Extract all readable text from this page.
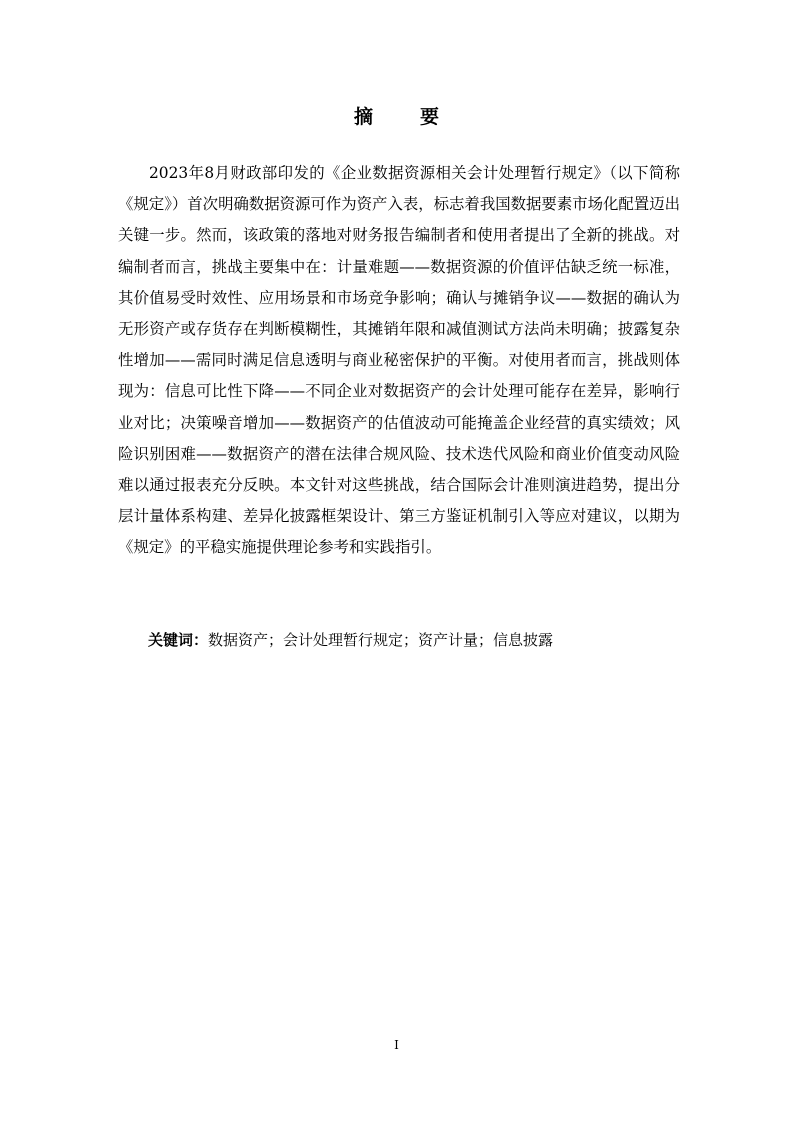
摘　要

2023年8月财政部印发的《企业数据资源相关会计处理暂行规定》（以下简称《规定》）首次明确数据资源可作为资产入表，标志着我国数据要素市场化配置迈出关键一步。然而，该政策的落地对财务报告编制者和使用者提出了全新的挑战。对编制者而言，挑战主要集中在：计量难题——数据资源的价值评估缺乏统一标准，其价值易受时效性、应用场景和市场竞争影响；确认与摊销争议——数据的确认为无形资产或存货存在判断模糊性，其摊销年限和减值测试方法尚未明确；披露复杂性增加——需同时满足信息透明与商业秘密保护的平衡。对使用者而言，挑战则体现为：信息可比性下降——不同企业对数据资产的会计处理可能存在差异，影响行业对比；决策噪音增加——数据资产的估值波动可能掩盖企业经营的真实绩效；风险识别困难——数据资产的潜在法律合规风险、技术迭代风险和商业价值变动风险难以通过报表充分反映。本文针对这些挑战，结合国际会计准则演进趋势，提出分层计量体系构建、差异化披露框架设计、第三方鉴证机制引入等应对建议，以期为《规定》的平稳实施提供理论参考和实践指引。

关键词：数据资产；会计处理暂行规定；资产计量；信息披露
I
